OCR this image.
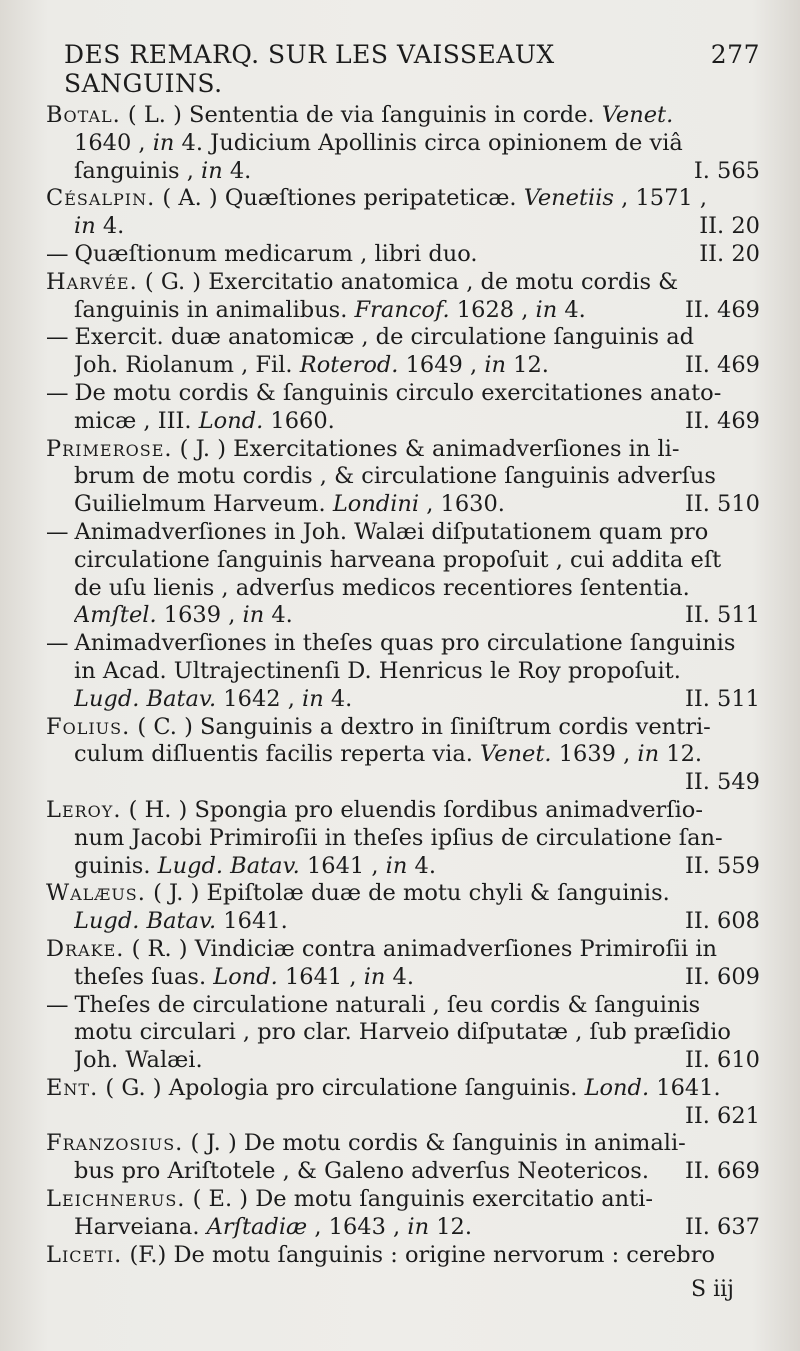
DES REMARQ. SUR LES VAISSEAUX SANGUINS.
277
Botal. ( L. ) Sententia de via ſanguinis in corde. Venet.
1640 , in 4. Judicium Apollinis circa opinionem de viâ
ſanguinis , in 4.	I. 565
Césalpin. ( A. ) Quæſtiones peripateticæ. Venetiis , 1571 ,
in 4.	II. 20
— Quæſtionum medicarum , libri duo.	II. 20
Harvée. ( G. ) Exercitatio anatomica , de motu cordis &
ſanguinis in animalibus. Francof. 1628 , in 4.	II. 469
— Exercit. duæ anatomicæ , de circulatione ſanguinis ad
Joh. Riolanum , Fil. Roterod. 1649 , in 12.	II. 469
— De motu cordis & ſanguinis circulo exercitationes anato-
micæ , III. Lond. 1660.	II. 469
Primerose. ( J. ) Exercitationes & animadverſiones in li-
brum de motu cordis , & circulatione ſanguinis adverſus
Guilielmum Harveum. Londini , 1630.	II. 510
— Animadverſiones in Joh. Walæi diſputationem quam pro
circulatione ſanguinis harveana propoſuit , cui addita eſt
de uſu lienis , adverſus medicos recentiores ſententia.
Amſtel. 1639 , in 4.	II. 511
— Animadverſiones in theſes quas pro circulatione ſanguinis
in Acad. Ultrajectinenſi D. Henricus le Roy propoſuit.
Lugd. Batav. 1642 , in 4.	II. 511
Folius. ( C. ) Sanguinis a dextro in ſiniſtrum cordis ventri-
culum diſluentis facilis reperta via. Venet. 1639 , in 12.
II. 549
Leroy. ( H. ) Spongia pro eluendis ſordibus animadverſio-
num Jacobi Primiroſii in theſes ipſius de circulatione ſan-
guinis. Lugd. Batav. 1641 , in 4.	II. 559
Walæus. ( J. ) Epiſtolæ duæ de motu chyli & ſanguinis.
Lugd. Batav. 1641.	II. 608
Drake. ( R. ) Vindiciæ contra animadverſiones Primiroſii in
theſes ſuas. Lond. 1641 , in 4.	II. 609
— Theſes de circulatione naturali , ſeu cordis & ſanguinis
motu circulari , pro clar. Harveio diſputatæ , ſub præſidio
Joh. Walæi.	II. 610
Ent. ( G. ) Apologia pro circulatione ſanguinis. Lond. 1641.
II. 621
Franzosius. ( J. ) De motu cordis & ſanguinis in animali-
bus pro Ariſtotele , & Galeno adverſus Neotericos.	II. 669
Leichnerus. ( E. ) De motu ſanguinis exercitatio anti-
Harveiana. Arſtadiæ , 1643 , in 12.	II. 637
Liceti. (F.) De motu ſanguinis : origine nervorum : cerebro
S iij
